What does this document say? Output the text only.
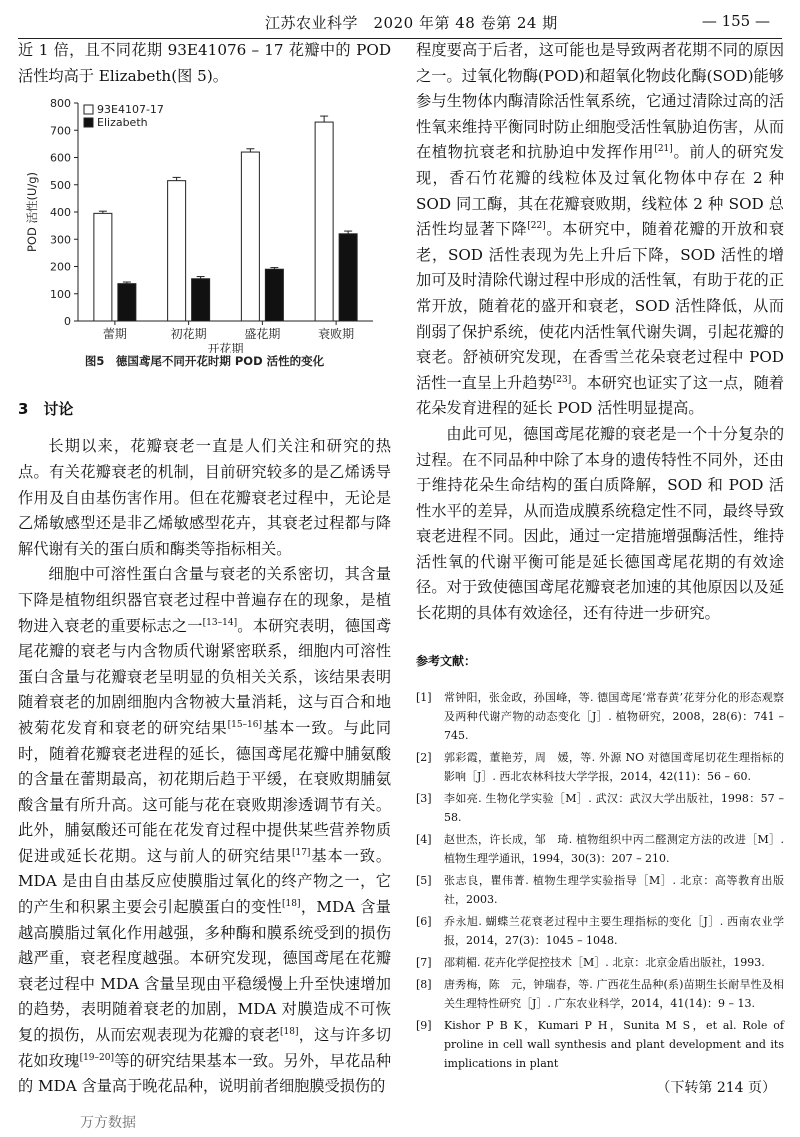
江苏农业科学　2020 年第 48 卷第 24 期	— 155 —

近 1 倍，且不同花期 93E41076 – 17 花瓣中的 POD 活性均高于 Elizabeth(图 5)。

0
100
200
300
400
500
600
700
800
POD 活性(U/g)
蕾期	初花期	盛花期	衰败期
开花期
93E4107-17
Elizabeth
图5　德国鸢尾不同开花时期 POD 活性的变化
3　讨论

长期以来，花瓣衰老一直是人们关注和研究的热点。有关花瓣衰老的机制，目前研究较多的是乙烯诱导作用及自由基伤害作用。但在花瓣衰老过程中，无论是乙烯敏感型还是非乙烯敏感型花卉，其衰老过程都与降解代谢有关的蛋白质和酶类等指标相关。

细胞中可溶性蛋白含量与衰老的关系密切，其含量下降是植物组织器官衰老过程中普遍存在的现象，是植物进入衰老的重要标志之一[13–14]。本研究表明，德国鸢尾花瓣的衰老与内含物质代谢紧密联系，细胞内可溶性蛋白含量与花瓣衰老呈明显的负相关关系，该结果表明随着衰老的加剧细胞内含物被大量消耗，这与百合和地被菊花发育和衰老的研究结果[15–16]基本一致。与此同时，随着花瓣衰老进程的延长，德国鸢尾花瓣中脯氨酸的含量在蕾期最高，初花期后趋于平缓，在衰败期脯氨酸含量有所升高。这可能与花在衰败期渗透调节有关。此外，脯氨酸还可能在花发育过程中提供某些营养物质促进或延长花期。这与前人的研究结果[17]基本一致。MDA 是由自由基反应使膜脂过氧化的终产物之一，它的产生和积累主要会引起膜蛋白的变性[18]，MDA 含量越高膜脂过氧化作用越强，多种酶和膜系统受到的损伤越严重，衰老程度越强。本研究发现，德国鸢尾在花瓣衰老过程中 MDA 含量呈现由平稳缓慢上升至快速增加的趋势，表明随着衰老的加剧，MDA 对膜造成不可恢复的损伤，从而宏观表现为花瓣的衰老[18]，这与许多切花如玫瑰[19–20]等的研究结果基本一致。另外，早花品种的 MDA 含量高于晚花品种，说明前者细胞膜受损伤的

程度要高于后者，这可能也是导致两者花期不同的原因之一。过氧化物酶(POD)和超氧化物歧化酶(SOD)能够参与生物体内酶清除活性氧系统，它通过清除过高的活性氧来维持平衡同时防止细胞受活性氧胁迫伤害，从而在植物抗衰老和抗胁迫中发挥作用[21]。前人的研究发现，香石竹花瓣的线粒体及过氧化物体中存在 2 种 SOD 同工酶，其在花瓣衰败期，线粒体 2 种 SOD 总活性均显著下降[22]。本研究中，随着花瓣的开放和衰老，SOD 活性表现为先上升后下降，SOD 活性的增加可及时清除代谢过程中形成的活性氧，有助于花的正常开放，随着花的盛开和衰老，SOD 活性降低，从而削弱了保护系统，使花内活性氧代谢失调，引起花瓣的衰老。舒祯研究发现，在香雪兰花朵衰老过程中 POD 活性一直呈上升趋势[23]。本研究也证实了这一点，随着花朵发育进程的延长 POD 活性明显提高。

由此可见，德国鸢尾花瓣的衰老是一个十分复杂的过程。在不同品种中除了本身的遗传特性不同外，还由于维持花朵生命结构的蛋白质降解，SOD 和 POD 活性水平的差异，从而造成膜系统稳定性不同，最终导致衰老进程不同。因此，通过一定措施增强酶活性，维持活性氧的代谢平衡可能是延长德国鸢尾花期的有效途径。对于致使德国鸢尾花瓣衰老加速的其他原因以及延长花期的具体有效途径，还有待进一步研究。

参考文献：
[1]	常钟阳，张金政，孙国峰，等. 德国鸢尾‘常春黄’花芽分化的形态观察及两种代谢产物的动态变化［J］. 植物研究，2008，28(6)：741 – 745.
[2]	郭彩霞，董艳芳，周　媛，等. 外源 NO 对德国鸢尾切花生理指标的影响［J］. 西北农林科技大学学报，2014，42(11)：56 – 60.
[3]	李如亮. 生物化学实验［M］. 武汉：武汉大学出版社，1998：57 – 58.
[4]	赵世杰，许长成，邹　琦. 植物组织中丙二醛测定方法的改进［M］. 植物生理学通讯，1994，30(3)：207 – 210.
[5]	张志良，瞿伟菁. 植物生理学实验指导［M］. 北京：高等教育出版社，2003.
[6]	乔永旭. 蝴蝶兰花衰老过程中主要生理指标的变化［J］. 西南农业学报，2014，27(3)：1045 – 1048.
[7]	邵莉楣. 花卉化学促控技术［M］. 北京：北京金盾出版社，1993.
[8]	唐秀梅，陈　元，钟瑞春，等. 广西花生品种(系)苗期生长耐旱性及相关生理特性研究［J］. 广东农业科学，2014，41(14)：9 – 13.
[9]	Kishor P B K，Kumari P H，Sunita M S，et al. Role of proline in cell wall synthesis and plant development and its implications in plant
（下转第 214 页）
万方数据
